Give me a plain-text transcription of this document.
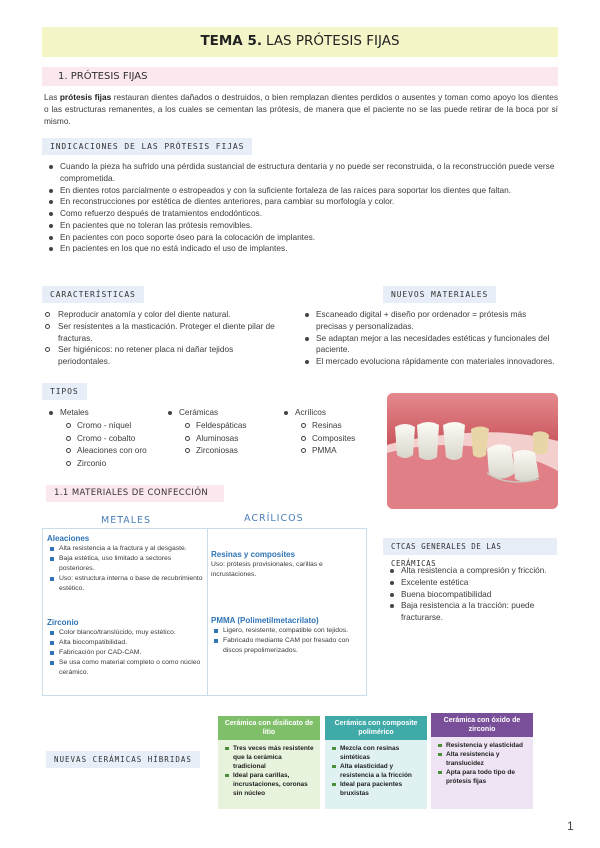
TEMA 5. LAS PRÓTESIS FIJAS
1. PRÓTESIS FIJAS

Las prótesis fijas restauran dientes dañados o destruidos, o bien remplazan dientes perdidos o ausentes y toman como apoyo los dientes o las estructuras remanentes, a los cuales se cementan las prótesis, de manera que el paciente no se las puede retirar de la boca por sí mismo.

INDICACIONES DE LAS PRÓTESIS FIJAS
Cuando la pieza ha sufrido una pérdida sustancial de estructura dentaria y no puede ser reconstruida, o la reconstrucción puede verse comprometida.
En dientes rotos parcialmente o estropeados y con la suficiente fortaleza de las raíces para soportar los dientes que faltan.
En reconstrucciones por estética de dientes anteriores, para cambiar su morfología y color.
Como refuerzo después de tratamientos endodónticos.
En pacientes que no toleran las prótesis removibles.
En pacientes con poco soporte óseo para la colocación de implantes.
En pacientes en los que no está indicado el uso de implantes.
CARACTERÍSTICAS
Reproducir anatomía y color del diente natural.
Ser resistentes a la masticación. Proteger el diente pilar de fracturas.
Ser higiénicos: no retener placa ni dañar tejidos periodontales.
NUEVOS MATERIALES
Escaneado digital + diseño por ordenador = prótesis más precisas y personalizadas.
Se adaptan mejor a las necesidades estéticas y funcionales del paciente.
El mercado evoluciona rápidamente con materiales innovadores.
TIPOS
Metales
Cromo - níquel
Cromo - cobalto
Aleaciones con oro
Zirconio
Cerámicas
Feldespáticas
Aluminosas
Zirconiosas
Acrílicos
Resinas
Composites
PMMA
1.1 MATERIALES DE CONFECCIÓN
METALES	ACRÍLICOS
Aleaciones
Alta resistencia a la fractura y al desgaste.
Baja estética, uso limitado a sectores posteriores.
Uso: estructura interna o base de recubrimiento estético.
Zirconio
Color blanco/translúcido, muy estético.
Alta biocompatibilidad.
Fabricación por CAD-CAM.
Se usa como material completo o como núcleo cerámico.
Resinas y composites
Uso: prótesis provisionales, carillas e incrustaciones.
PMMA (Polimetilmetacrilato)
Ligero, resistente, compatible con tejidos.
Fabricado mediante CAM por fresado con discos prepolimerizados.
CTCAS GENERALES DE LAS CERÁMICAS
Alta resistencia a compresión y fricción.
Excelente estética
Buena biocompatibilidad
Baja resistencia a la tracción: puede fracturarse.
NUEVAS CERÁMICAS HÍBRIDAS
Cerámica con disilicato de litio
Tres veces más resistente que la cerámica tradicional
Ideal para carillas, incrustaciones, coronas sin núcleo
Cerámica con composite polimérico
Mezcla con resinas sintéticas
Alta elasticidad y resistencia a la fricción
Ideal para pacientes bruxistas
Cerámica con óxido de zirconio
Resistencia y elasticidad
Alta resistencia y translucidez
Apta para todo tipo de prótesis fijas
1
